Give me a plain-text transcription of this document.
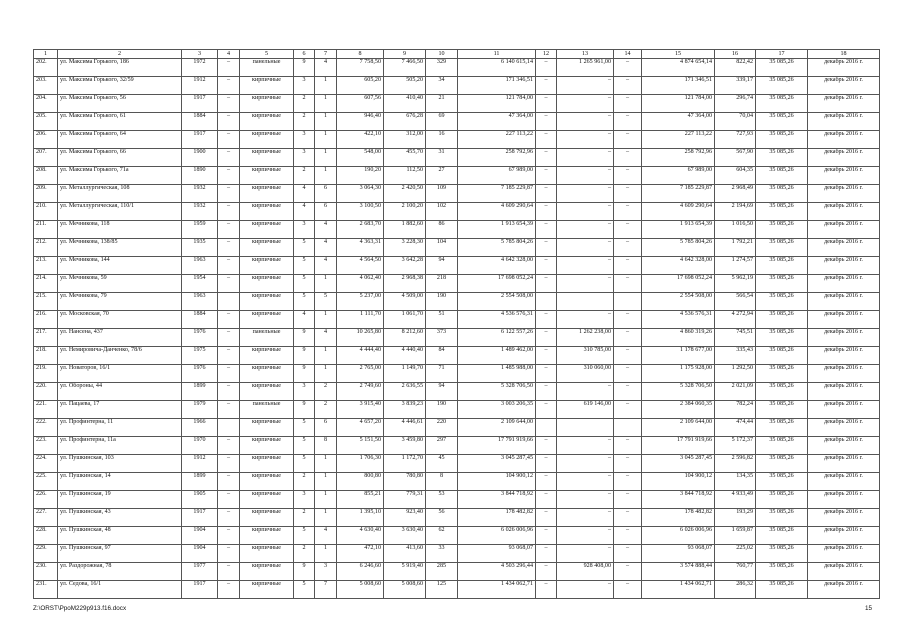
1	2	3	4	5	6	7	8	9	10	11	12	13	14	15	16	17	18
202.	ул. Максима Горького, 186	1972	–	панельные	9	4	7 758,50	7 466,50	329	6 140 615,14	–	1 265 961,00	–	4 874 654,14	822,42	35 085,26	декабрь 2016 г.
203.	ул. Максима Горького, 32/59	1912	–	кирпичные	3	1	605,20	505,20	34	171 346,51	–	–	–	171 346,51	339,17	35 085,26	декабрь 2016 г.
204.	ул. Максима Горького, 56	1917	–	кирпичные	2	1	607,56	410,40	21	121 784,00	–	–	–	121 784,00	296,74	35 085,26	декабрь 2016 г.
205.	ул. Максима Горького, 61	1884	–	кирпичные	2	1	946,40	676,28	69	47 364,00	–	–	–	47 364,00	70,04	35 085,26	декабрь 2016 г.
206.	ул. Максима Горького, 64	1917	–	кирпичные	3	1	422,10	312,00	16	227 113,22	–	–	–	227 113,22	727,93	35 085,26	декабрь 2016 г.
207.	ул. Максима Горького, 66	1900	–	кирпичные	3	1	548,00	455,70	31	258 792,96	–	–	–	258 792,96	567,90	35 085,26	декабрь 2016 г.
208.	ул. Максима Горького, 71а	1890	–	кирпичные	2	1	190,20	112,50	27	67 989,00	–	–	–	67 989,00	604,35	35 085,26	декабрь 2016 г.
209.	ул. Металлургическая, 108	1932	–	кирпичные	4	6	3 064,30	2 420,50	109	7 185 229,87	–	–	–	7 185 229,87	2 968,49	35 085,26	декабрь 2016 г.
210.	ул. Металлургическая, 110/1	1932	–	кирпичные	4	6	3 100,50	2 100,20	102	4 609 290,64	–	–	–	4 609 290,64	2 194,69	35 085,26	декабрь 2016 г.
211.	ул. Мечникова, 118	1959	–	кирпичные	3	4	2 683,70	1 882,60	86	1 913 654,39	–	–	–	1 913 654,39	1 016,50	35 085,26	декабрь 2016 г.
212.	ул. Мечникова, 138/85	1935	–	кирпичные	5	4	4 363,31	3 228,30	104	5 785 804,26	–	–	–	5 785 804,26	1 792,21	35 085,26	декабрь 2016 г.
213.	ул. Мечникова, 144	1963	–	кирпичные	5	4	4 564,50	3 642,28	94	4 642 328,00	–	–	–	4 642 328,00	1 274,57	35 085,26	декабрь 2016 г.
214.	ул. Мечникова, 59	1954	–	кирпичные	5	1	4 062,40	2 968,38	218	17 698 052,24	–	–	–	17 698 052,24	5 962,19	35 085,26	декабрь 2016 г.
215.	ул. Мечникова, 79	1963		кирпичные	5	5	5 237,00	4 509,00	190	2 554 508,00				2 554 508,00	566,54	35 085,26	декабрь 2016 г.
216.	ул. Московская, 70	1884	–	кирпичные	4	1	1 111,70	1 061,70	51	4 536 576,31	–	–	–	4 536 576,31	4 272,94	35 085,26	декабрь 2016 г.
217.	ул. Нансена, 437	1976	–	панельные	9	4	10 265,80	8 212,60	373	6 122 557,26	–	1 262 238,00	–	4 860 319,26	745,51	35 085,26	декабрь 2016 г.
218.	ул. Немировича-Данченко, 78/6	1975	–	кирпичные	9	1	4 444,40	4 440,40	84	1 489 462,00	–	310 785,00	–	1 178 677,00	335,43	35 085,26	декабрь 2016 г.
219.	ул. Новаторов, 16/1	1976	–	кирпичные	9	1	2 765,00	1 149,70	71	1 485 988,00	–	310 060,00	–	1 175 928,00	1 292,50	35 085,26	декабрь 2016 г.
220.	ул. Обороны, 44	1899	–	кирпичные	3	2	2 749,60	2 636,55	94	5 328 706,50	–	–	–	5 328 706,50	2 021,09	35 085,26	декабрь 2016 г.
221.	ул. Пацаева, 17	1979	–	панельные	9	2	3 915,40	3 839,23	190	3 003 206,35	–	619 146,00	–	2 384 060,35	782,24	35 085,26	декабрь 2016 г.
222.	ул. Профинтерна, 11	1966		кирпичные	5	6	4 657,20	4 446,61	220	2 109 644,00				2 109 644,00	474,44	35 085,26	декабрь 2016 г.
223.	ул. Профинтерна, 11а	1970	–	кирпичные	5	8	5 151,50	3 459,80	297	17 791 919,66	–	–	–	17 791 919,66	5 172,37	35 085,26	декабрь 2016 г.
224.	ул. Пушкинская, 103	1912	–	кирпичные	5	1	1 706,30	1 172,70	45	3 045 287,45	–	–	–	3 045 287,45	2 596,82	35 085,26	декабрь 2016 г.
225.	ул. Пушкинская, 14	1899	–	кирпичные	2	1	800,80	780,80	8	104 900,12	–	–	–	104 900,12	134,35	35 085,26	декабрь 2016 г.
226.	ул. Пушкинская, 19	1905	–	кирпичные	3	1	855,21	779,31	53	3 844 718,92	–	–	–	3 844 718,92	4 933,49	35 085,26	декабрь 2016 г.
227.	ул. Пушкинская, 43	1917	–	кирпичные	2	1	1 395,10	923,40	56	178 482,82	–	–	–	178 482,82	193,29	35 085,26	декабрь 2016 г.
228.	ул. Пушкинская, 48	1904	–	кирпичные	5	4	4 630,40	3 630,40	62	6 026 006,96	–	–	–	6 026 006,96	1 659,87	35 085,26	декабрь 2016 г.
229.	ул. Пушкинская, 97	1904	–	кирпичные	2	1	472,10	413,60	33	93 068,07	–	–	–	93 068,07	225,02	35 085,26	декабрь 2016 г.
230.	ул. Раздорожная, 78	1977	–	кирпичные	9	3	6 246,60	5 919,40	285	4 503 296,44	–	928 408,00	–	3 574 888,44	760,77	35 085,26	декабрь 2016 г.
231.	ул. Седова, 16/1	1917	–	кирпичные	5	7	5 008,60	5 008,60	125	1 434 062,71	–	–	–	1 434 062,71	286,32	35 085,26	декабрь 2016 г.
Z:\ORST\PpoM229p913.f16.docx	15
